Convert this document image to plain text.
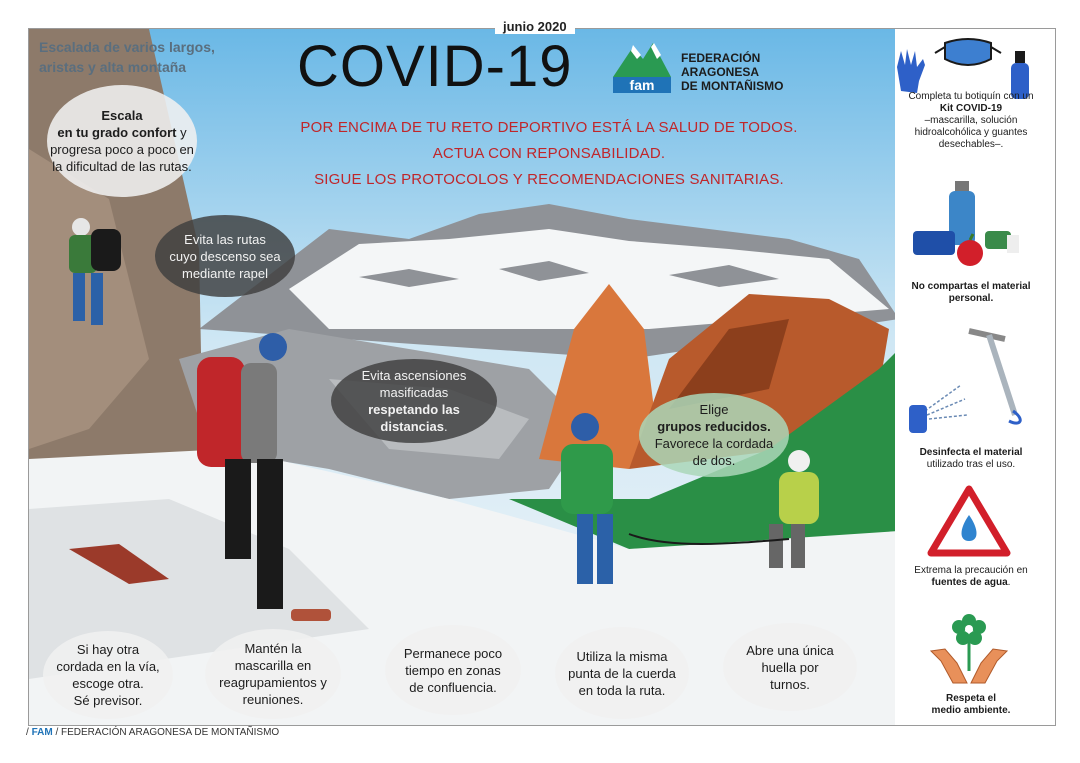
Escalada de varios largos,
aristas y alta montaña	COVID-19	fam
FEDERACIÓN
ARAGONESA
DE MONTAÑISMO
POR ENCIMA DE TU RETO DEPORTIVO ESTÁ LA SALUD DE TODOS.
ACTUA CON REPONSABILIDAD.
SIGUE LOS PROTOCOLOS Y RECOMENDACIONES SANITARIAS.
Escala
en tu grado confort y progresa poco a poco en la dificultad de las rutas.
Evita las rutas cuyo descenso sea mediante rapel
Evita ascensiones masificadas
respetando las distancias.
Elige
grupos reducidos.
Favorece la cordada de dos.
Si hay otra cordada en la vía, escoge otra.
Sé previsor.
Mantén la mascarilla en reagrupamientos y reuniones.
Permanece poco tiempo en zonas de confluencia.
Utiliza la misma punta de la cuerda en toda la ruta.
Abre una única huella por turnos.
Completa tu botiquín con un
Kit COVID-19
–mascarilla, solución hidroalcohólica y guantes desechables–.
No compartas el material personal.
Desinfecta el material
utilizado tras el uso.
Extrema la precaución en
fuentes de agua.
Respeta el medio ambiente.
junio 2020
/ FAM / FEDERACIÓN ARAGONESA DE MONTAÑISMO
